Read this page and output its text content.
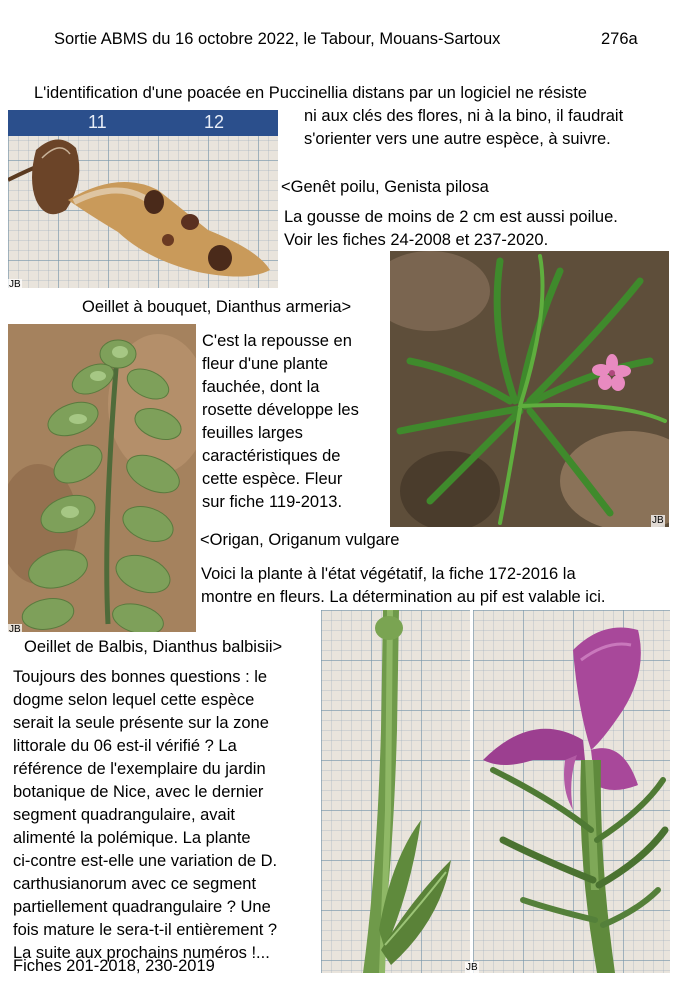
Sortie ABMS du 16 octobre 2022, le Tabour, Mouans-Sartoux	276a
L'identification d'une poacée en Puccinellia distans par un logiciel ne résiste
ni aux clés des flores, ni à la bino, il faudrait
s'orienter vers une autre espèce, à suivre.
11	12
JB
<Genêt poilu, Genista pilosa
La gousse de moins de 2 cm est aussi poilue.
Voir les fiches 24-2008 et 237-2020.
Oeillet à bouquet, Dianthus armeria>
JB
C'est la repousse en
fleur d'une plante
fauchée, dont la
rosette développe les
feuilles larges
caractéristiques de
cette espèce. Fleur
sur fiche 119-2013.
JB
<Origan, Origanum vulgare
Voici la plante à l'état végétatif, la fiche 172-2016 la
montre en fleurs. La détermination au pif est valable ici.
Oeillet de Balbis, Dianthus balbisii>
JB
Toujours des bonnes questions : le
dogme selon lequel cette espèce
serait la seule présente sur la zone
littorale du 06 est-il vérifié ? La
référence de l'exemplaire du jardin
botanique de Nice, avec le dernier
segment quadrangulaire, avait
alimenté la polémique. La plante
ci-contre est-elle une variation de D.
carthusianorum avec ce segment
partiellement quadrangulaire ? Une
fois mature le sera-t-il entièrement ?
La suite aux prochains numéros !...
Fiches 201-2018, 230-2019
